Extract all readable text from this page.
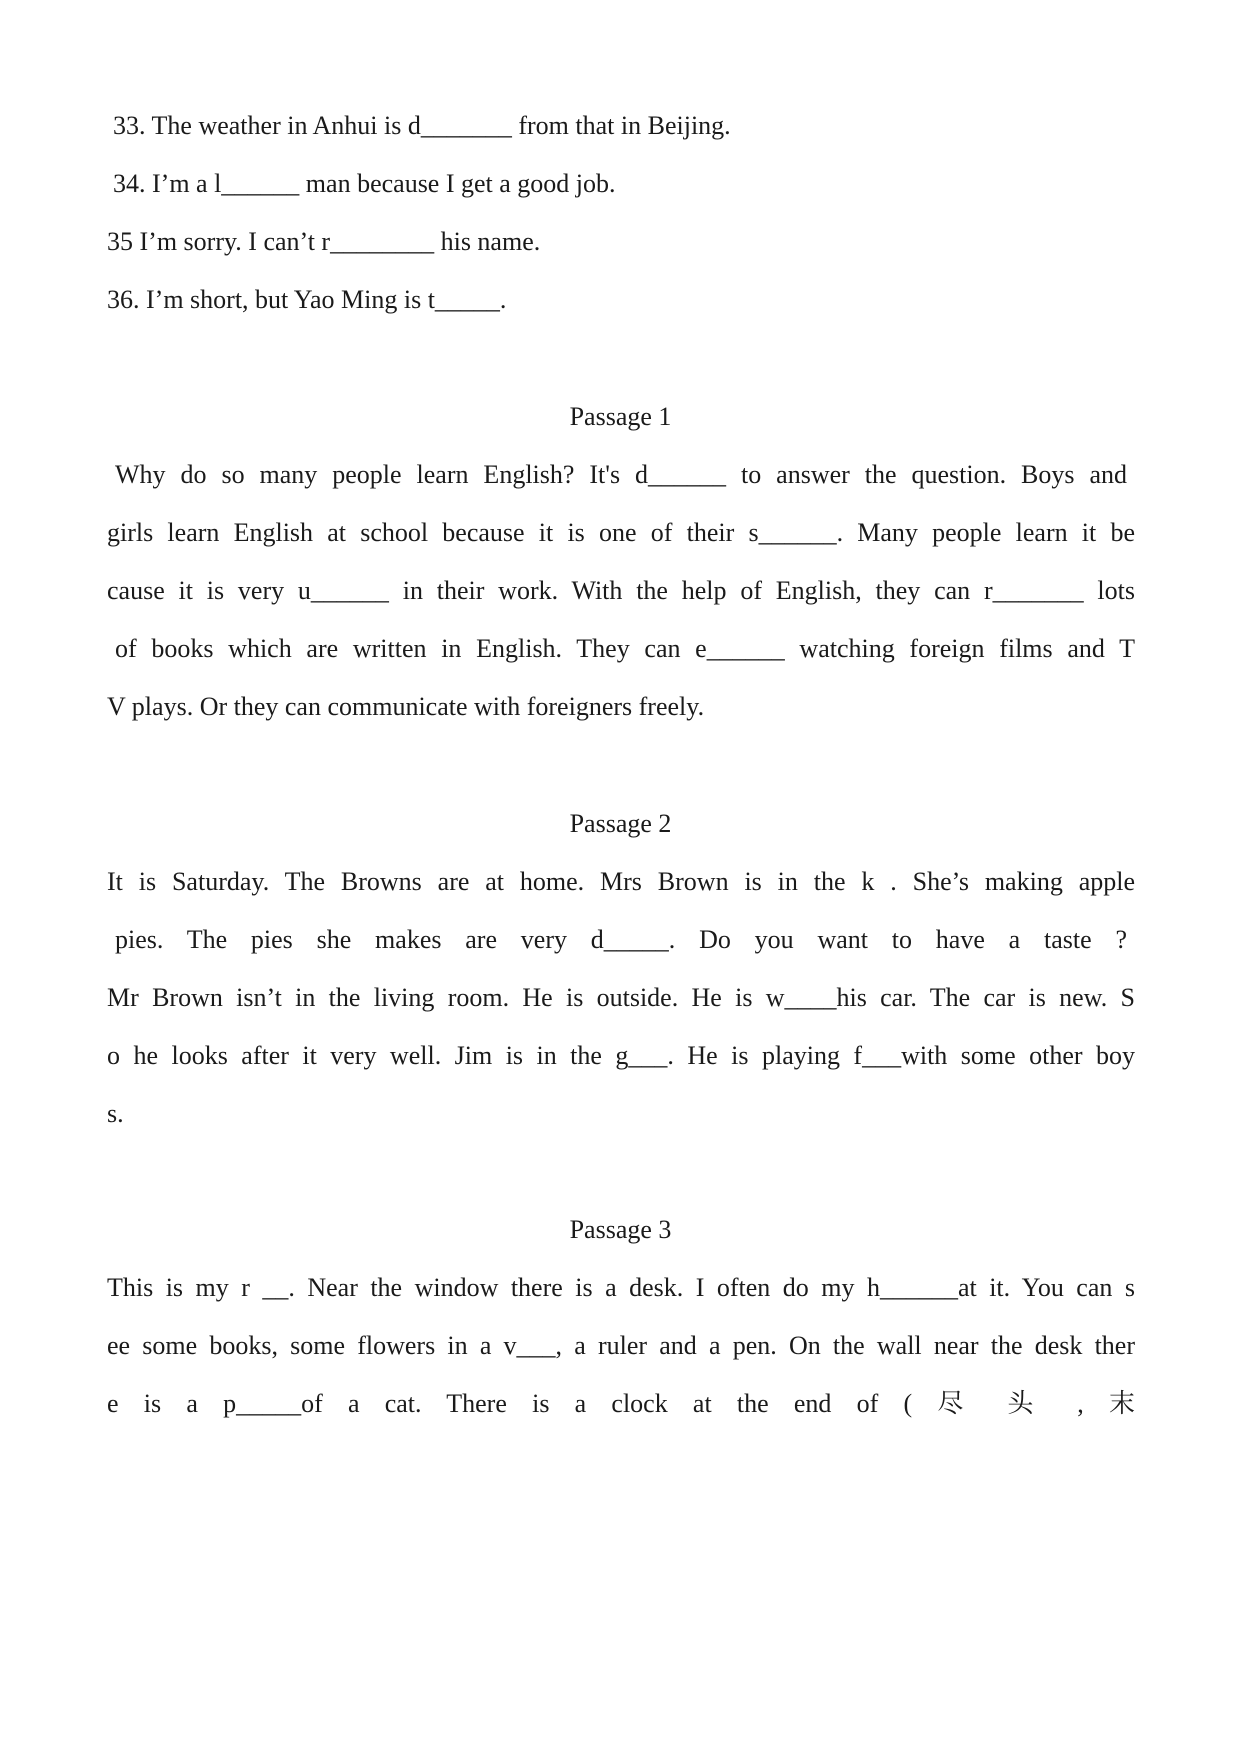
33. The weather in Anhui is d_______ from that in Beijing.
34. I’m a l______ man because I get a good job.
35 I’m sorry. I can’t r________ his name.
36. I’m short, but Yao Ming is t_____.
Passage 1
Why do so many people learn English? It's d______ to answer the question. Boys and
girls learn English at school because it is one of their s______. Many people learn it be
cause it is very u______ in their work. With the help of English, they can r_______ lots
of books which are written in English. They can e______ watching foreign films and T
V plays. Or they can communicate with foreigners freely.
Passage 2
It is Saturday. The Browns are at home. Mrs Brown is in the k . She’s making apple
pies. The pies she makes are very d_____. Do you want to have a taste ?
Mr Brown isn’t in the living room. He is outside. He is w____his car. The car is new. S
o he looks after it very well. Jim is in the g___. He is playing f___with some other boy
s.
Passage 3
This is my r __. Near the window there is a desk. I often do my h______at it. You can s
ee some books, some flowers in a v___, a ruler and a pen. On the wall near the desk ther
e is a p_____of a cat. There is a clock at the end of ( 尽 头 , 末
